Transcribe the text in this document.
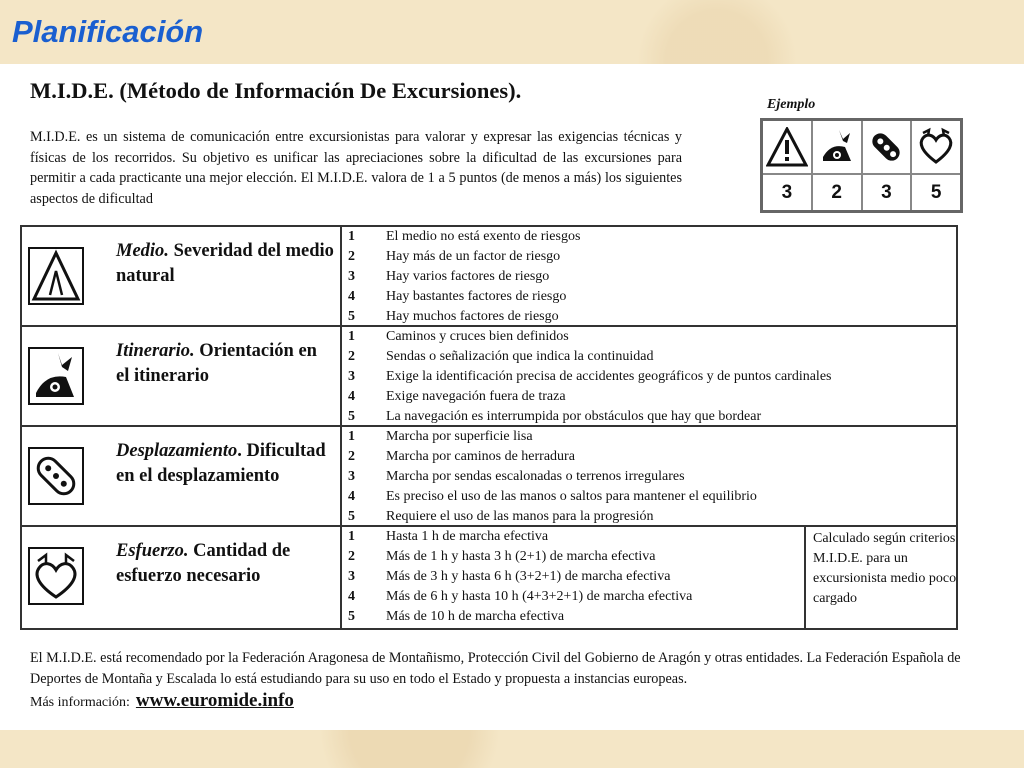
Planificación
M.I.D.E. (Método de Información De Excursiones).
M.I.D.E. es un sistema de comunicación entre excursionistas para valorar y expresar las exigencias técnicas y físicas de los recorridos. Su objetivo es unificar las apreciaciones sobre la dificultad de las excursiones para permitir a cada practicante una mejor elección. El M.I.D.E. valora de 1 a 5 puntos (de menos a más) los siguientes aspectos de dificultad
Ejemplo
3	2	3	5
Medio. Severidad del medio natural
1	El medio no está exento de riesgos
2	Hay más de un factor de riesgo
3	Hay varios factores de riesgo
4	Hay bastantes factores de riesgo
5	Hay muchos factores de riesgo
Itinerario. Orientación en el itinerario
1	Caminos y cruces bien definidos
2	Sendas o señalización que indica la continuidad
3	Exige la identificación precisa de accidentes geográficos y de puntos cardinales
4	Exige navegación fuera de traza
5	La navegación es interrumpida por obstáculos que hay que bordear
Desplazamiento. Dificultad en el desplazamiento
1	Marcha por superficie lisa
2	Marcha por caminos de herradura
3	Marcha por sendas escalonadas o terrenos irregulares
4	Es preciso el uso de las manos o saltos para mantener el equilibrio
5	Requiere el uso de las manos para la progresión
Esfuerzo. Cantidad de esfuerzo necesario
1	Hasta 1 h de marcha efectiva
2	Más de 1 h y hasta 3 h (2+1) de marcha efectiva
3	Más de 3 h y hasta 6 h (3+2+1) de marcha efectiva
4	Más de 6 h y hasta 10 h (4+3+2+1) de marcha efectiva
5	Más de 10 h de marcha efectiva
Calculado según criterios M.I.D.E. para un excursionista medio poco cargado
El M.I.D.E. está recomendado por la Federación Aragonesa de Montañismo, Protección Civil del Gobierno de Aragón y otras entidades. La Federación Española de Deportes de Montaña y Escalada lo está estudiando para su uso en todo el Estado y propuesta a instancias europeas.
Más información: www.euromide.info
